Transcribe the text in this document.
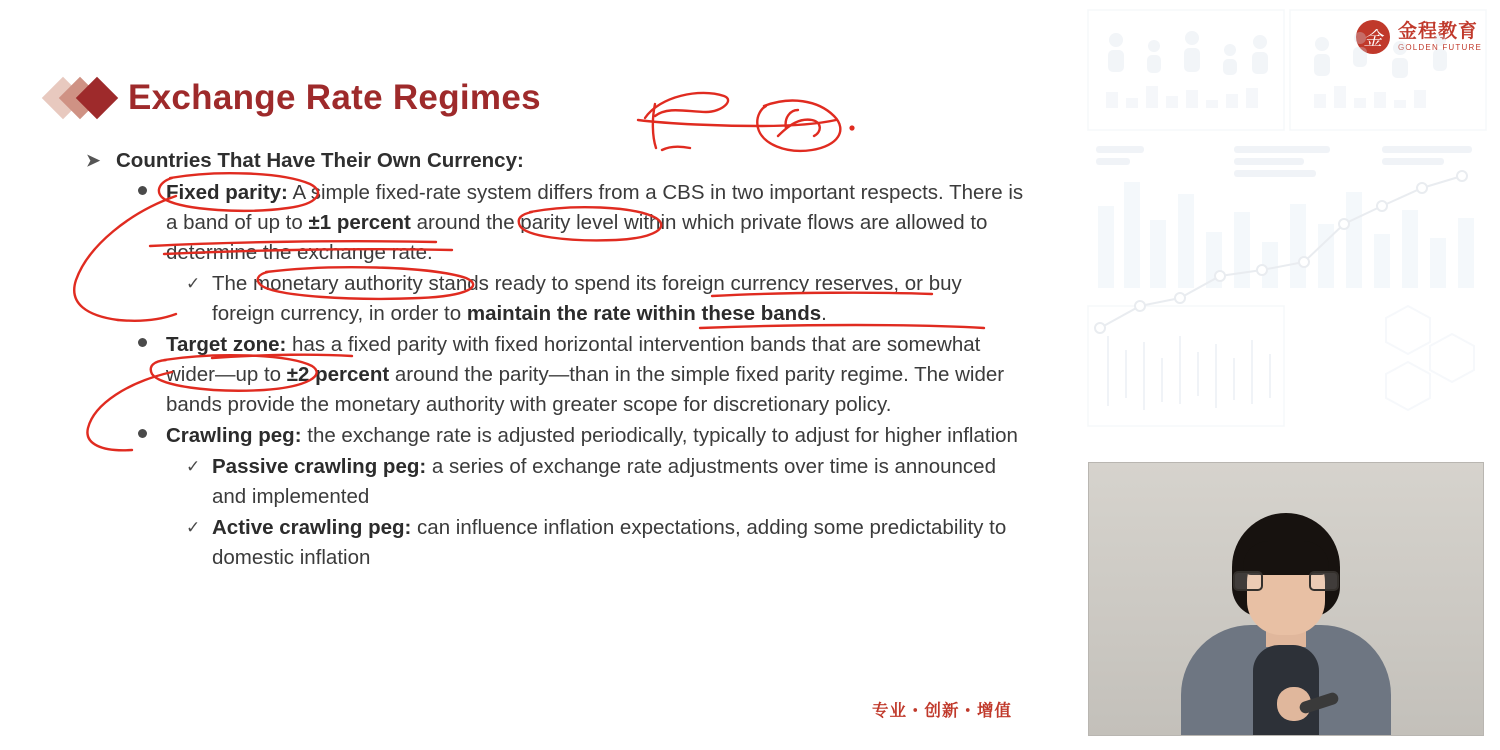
Exchange Rate Regimes
➤ Countries That Have Their Own Currency:
Fixed parity: A simple fixed-rate system differs from a CBS in two important respects. There is a band of up to ±1 percent around the parity level within which private flows are allowed to determine the exchange rate.
✓ The monetary authority stands ready to spend its foreign currency reserves, or buy foreign currency, in order to maintain the rate within these bands.
Target zone: has a fixed parity with fixed horizontal intervention bands that are somewhat wider—up to ±2 percent around the parity—than in the simple fixed parity regime. The wider bands provide the monetary authority with greater scope for discretionary policy.
Crawling peg: the exchange rate is adjusted periodically, typically to adjust for higher inflation
✓ Passive crawling peg: a series of exchange rate adjustments over time is announced and implemented
✓ Active crawling peg: can influence inflation expectations, adding some predictability to domestic inflation
专业・创新・增值
金 金程教育
GOLDEN FUTURE
